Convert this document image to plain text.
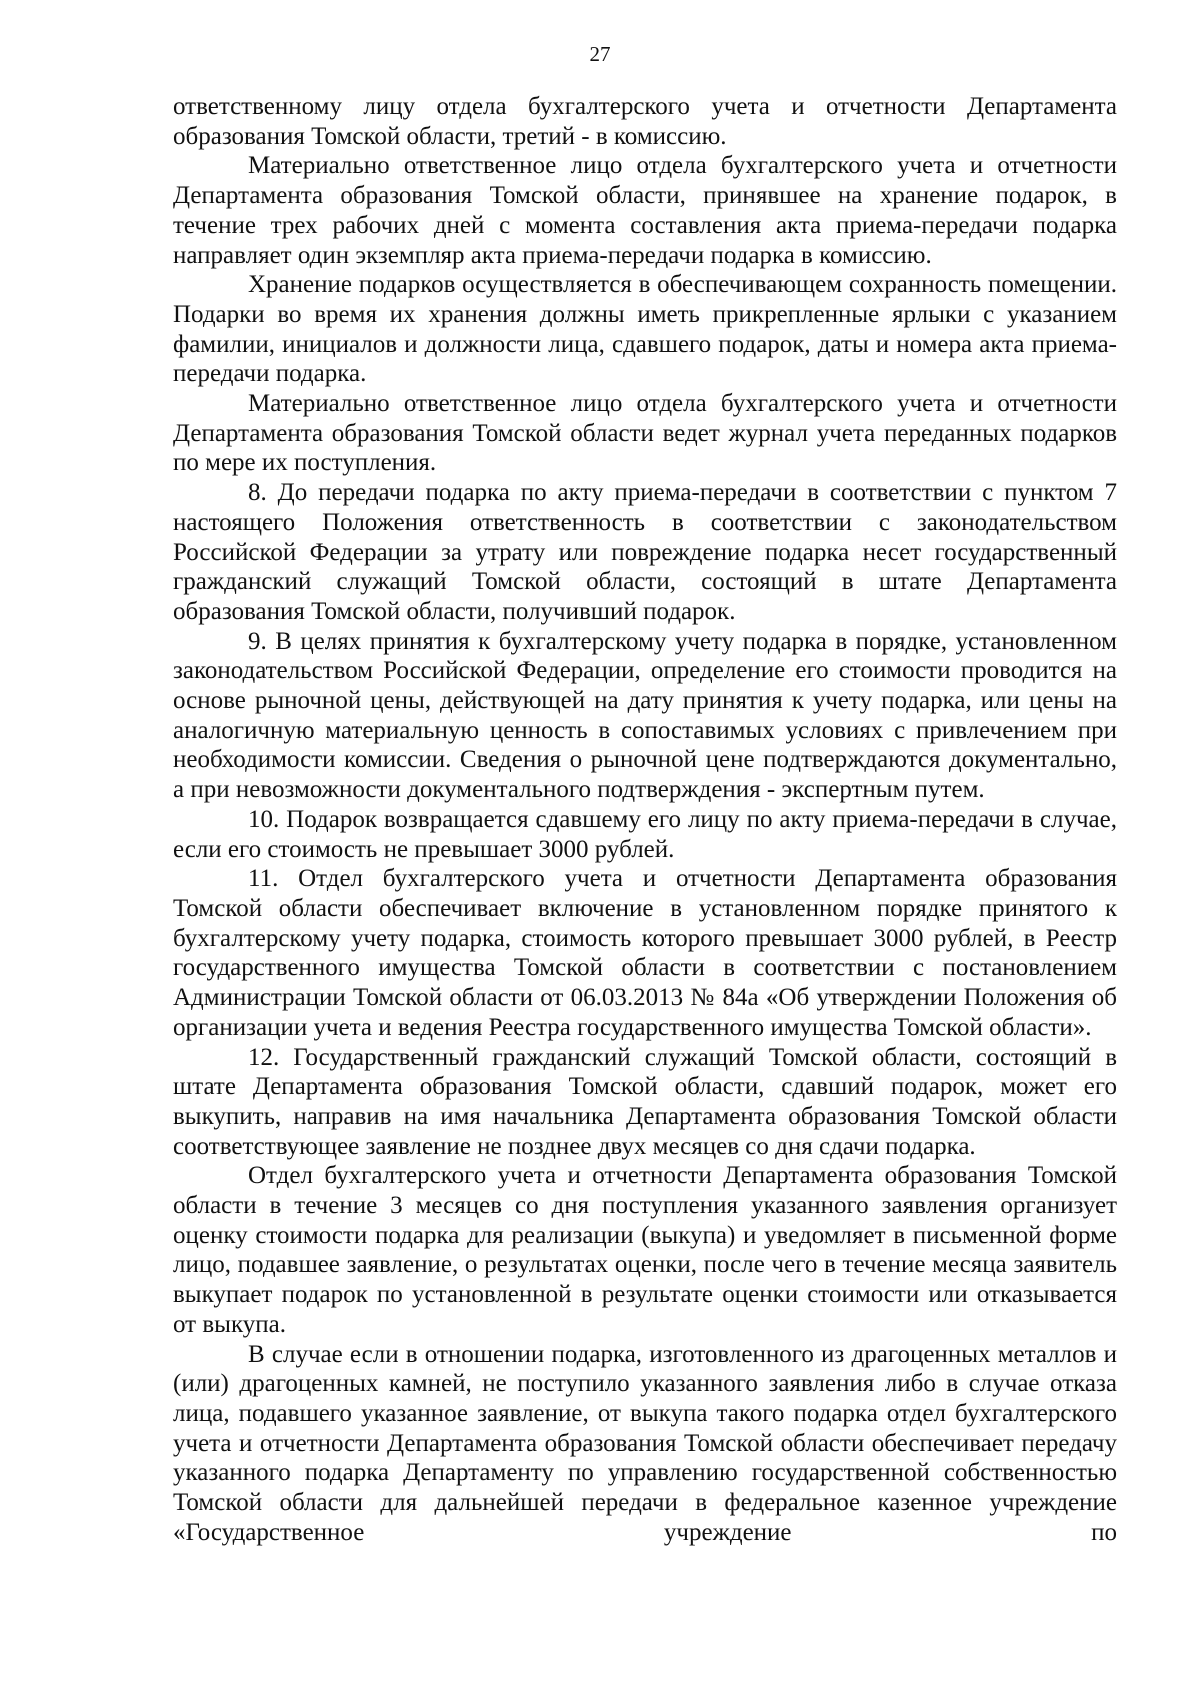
27

ответственному лицу отдела бухгалтерского учета и отчетности Департамента образования Томской области, третий - в комиссию.

Материально ответственное лицо отдела бухгалтерского учета и отчетности Департамента образования Томской области, принявшее на хранение подарок, в течение трех рабочих дней с момента составления акта приема-передачи подарка направляет один экземпляр акта приема-передачи подарка в комиссию.

Хранение подарков осуществляется в обеспечивающем сохранность помещении. Подарки во время их хранения должны иметь прикрепленные ярлыки с указанием фамилии, инициалов и должности лица, сдавшего подарок, даты и номера акта приема-передачи подарка.

Материально ответственное лицо отдела бухгалтерского учета и отчетности Департамента образования Томской области ведет журнал учета переданных подарков по мере их поступления.

8. До передачи подарка по акту приема-передачи в соответствии с пунктом 7 настоящего Положения ответственность в соответствии с законодательством Российской Федерации за утрату или повреждение подарка несет государственный гражданский служащий Томской области, состоящий в штате Департамента образования Томской области, получивший подарок.

9. В целях принятия к бухгалтерскому учету подарка в порядке, установленном законодательством Российской Федерации, определение его стоимости проводится на основе рыночной цены, действующей на дату принятия к учету подарка, или цены на аналогичную материальную ценность в сопоставимых условиях с привлечением при необходимости комиссии. Сведения о рыночной цене подтверждаются документально, а при невозможности документального подтверждения - экспертным путем.

10. Подарок возвращается сдавшему его лицу по акту приема-передачи в случае, если его стоимость не превышает 3000 рублей.

11. Отдел бухгалтерского учета и отчетности Департамента образования Томской области обеспечивает включение в установленном порядке принятого к бухгалтерскому учету подарка, стоимость которого превышает 3000 рублей, в Реестр государственного имущества Томской области в соответствии с постановлением Администрации Томской области от 06.03.2013 № 84а «Об утверждении Положения об организации учета и ведения Реестра государственного имущества Томской области».

12. Государственный гражданский служащий Томской области, состоящий в штате Департамента образования Томской области, сдавший подарок, может его выкупить, направив на имя начальника Департамента образования Томской области соответствующее заявление не позднее двух месяцев со дня сдачи подарка.

Отдел бухгалтерского учета и отчетности Департамента образования Томской области в течение 3 месяцев со дня поступления указанного заявления организует оценку стоимости подарка для реализации (выкупа) и уведомляет в письменной форме лицо, подавшее заявление, о результатах оценки, после чего в течение месяца заявитель выкупает подарок по установленной в результате оценки стоимости или отказывается от выкупа.

В случае если в отношении подарка, изготовленного из драгоценных металлов и (или) драгоценных камней, не поступило указанного заявления либо в случае отказа лица, подавшего указанное заявление, от выкупа такого подарка отдел бухгалтерского учета и отчетности Департамента образования Томской области обеспечивает передачу указанного подарка Департаменту по управлению государственной собственностью Томской области для дальнейшей передачи в федеральное казенное учреждение «Государственное учреждение по
